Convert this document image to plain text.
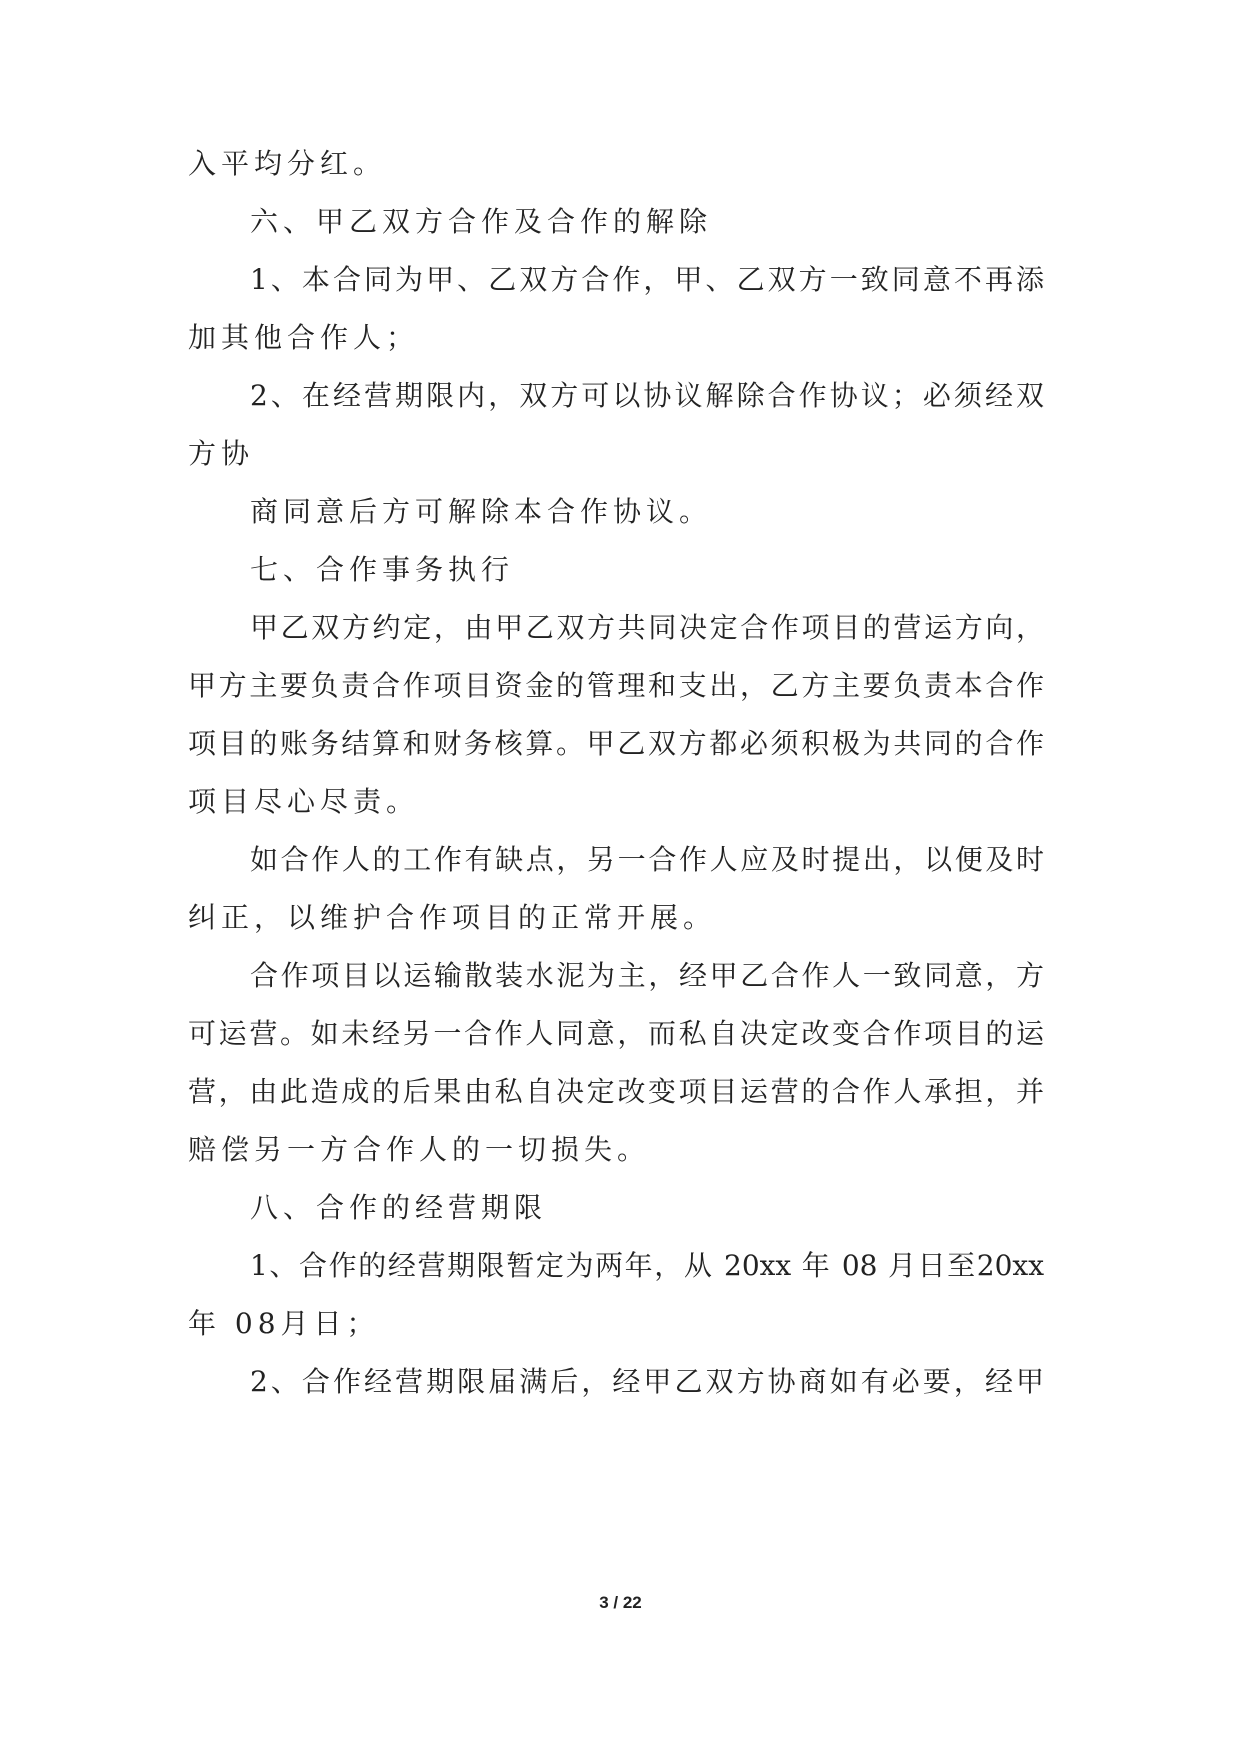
入平均分红。
六、甲乙双方合作及合作的解除
1、本合同为甲、乙双方合作，甲、乙双方一致同意不再添
加其他合作人；
2、在经营期限内，双方可以协议解除合作协议；必须经双
方协
商同意后方可解除本合作协议。
七、合作事务执行
甲乙双方约定，由甲乙双方共同决定合作项目的营运方向，
甲方主要负责合作项目资金的管理和支出，乙方主要负责本合作
项目的账务结算和财务核算。甲乙双方都必须积极为共同的合作
项目尽心尽责。
如合作人的工作有缺点，另一合作人应及时提出，以便及时
纠正，以维护合作项目的正常开展。
合作项目以运输散装水泥为主，经甲乙合作人一致同意，方
可运营。如未经另一合作人同意，而私自决定改变合作项目的运
营，由此造成的后果由私自决定改变项目运营的合作人承担，并
赔偿另一方合作人的一切损失。
八、合作的经营期限
1、合作的经营期限暂定为两年，从 20xx 年 08 月日至20xx
年 08月日；
2、合作经营期限届满后，经甲乙双方协商如有必要，经甲
3 / 22
